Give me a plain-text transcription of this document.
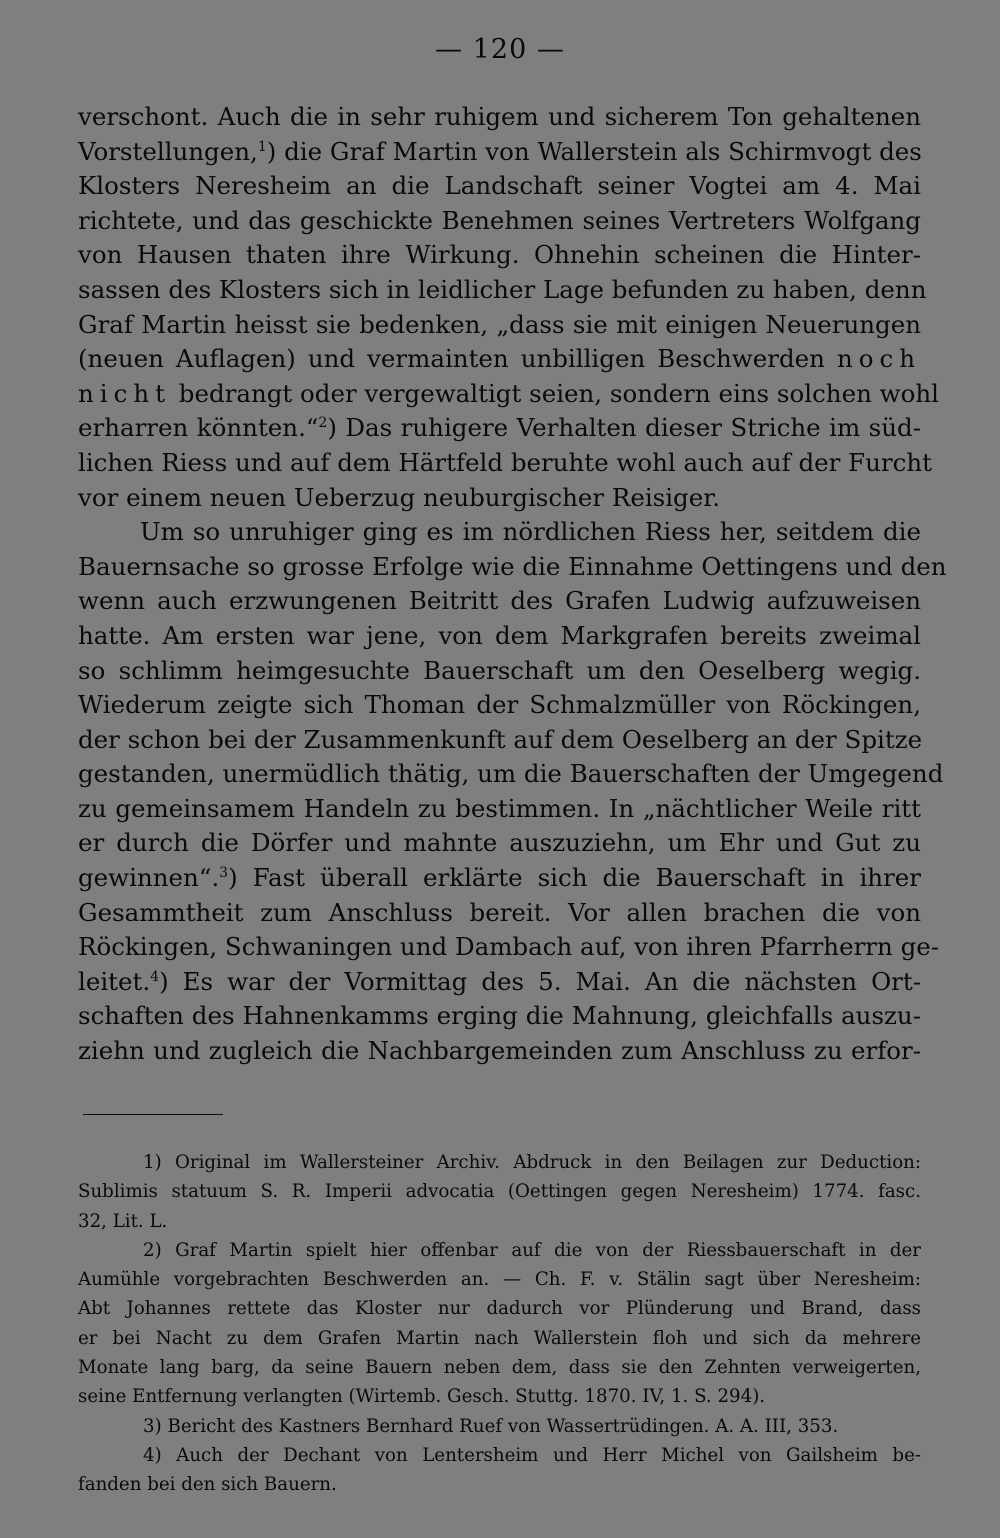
— 120 —
verschont. Auch die in sehr ruhigem und sicherem Ton gehaltenen
Vorstellungen,$^1$) die Graf Martin von Wallerstein als Schirmvogt des
Klosters Neresheim an die Landschaft seiner Vogtei am 4. Mai
richtete, und das geschickte Benehmen seines Vertreters Wolfgang
von Hausen thaten ihre Wirkung. Ohnehin scheinen die Hinter-
sassen des Klosters sich in leidlicher Lage befunden zu haben, denn
Graf Martin heisst sie bedenken, „dass sie mit einigen Neuerungen
(neuen Auflagen) und vermainten unbilligen Beschwerden noch
nicht bedrangt oder vergewaltigt seien, sondern eins solchen wohl
erharren könnten.“$^2$) Das ruhigere Verhalten dieser Striche im süd-
lichen Riess und auf dem Härtfeld beruhte wohl auch auf der Furcht
vor einem neuen Ueberzug neuburgischer Reisiger.
Um so unruhiger ging es im nördlichen Riess her, seitdem die
Bauernsache so grosse Erfolge wie die Einnahme Oettingens und den
wenn auch erzwungenen Beitritt des Grafen Ludwig aufzuweisen
hatte. Am ersten war jene, von dem Markgrafen bereits zweimal
so schlimm heimgesuchte Bauerschaft um den Oeselberg wegig.
Wiederum zeigte sich Thoman der Schmalzmüller von Röckingen,
der schon bei der Zusammenkunft auf dem Oeselberg an der Spitze
gestanden, unermüdlich thätig, um die Bauerschaften der Umgegend
zu gemeinsamem Handeln zu bestimmen. In „nächtlicher Weile ritt
er durch die Dörfer und mahnte auszuziehn, um Ehr und Gut zu
gewinnen“.$^3$) Fast überall erklärte sich die Bauerschaft in ihrer
Gesammtheit zum Anschluss bereit. Vor allen brachen die von
Röckingen, Schwaningen und Dambach auf, von ihren Pfarrherrn ge-
leitet.$^4$) Es war der Vormittag des 5. Mai. An die nächsten Ort-
schaften des Hahnenkamms erging die Mahnung, gleichfalls auszu-
ziehn und zugleich die Nachbargemeinden zum Anschluss zu erfor-
1) Original im Wallersteiner Archiv. Abdruck in den Beilagen zur Deduction:
Sublimis statuum S. R. Imperii advocatia (Oettingen gegen Neresheim) 1774. fasc.
32, Lit. L.
2) Graf Martin spielt hier offenbar auf die von der Riessbauerschaft in der
Aumühle vorgebrachten Beschwerden an. — Ch. F. v. Stälin sagt über Neresheim:
Abt Johannes rettete das Kloster nur dadurch vor Plünderung und Brand, dass
er bei Nacht zu dem Grafen Martin nach Wallerstein floh und sich da mehrere
Monate lang barg, da seine Bauern neben dem, dass sie den Zehnten verweigerten,
seine Entfernung verlangten (Wirtemb. Gesch. Stuttg. 1870. IV, 1. S. 294).
3) Bericht des Kastners Bernhard Ruef von Wassertrüdingen. A. A. III, 353.
4) Auch der Dechant von Lentersheim und Herr Michel von Gailsheim be-
fanden bei den sich Bauern.
